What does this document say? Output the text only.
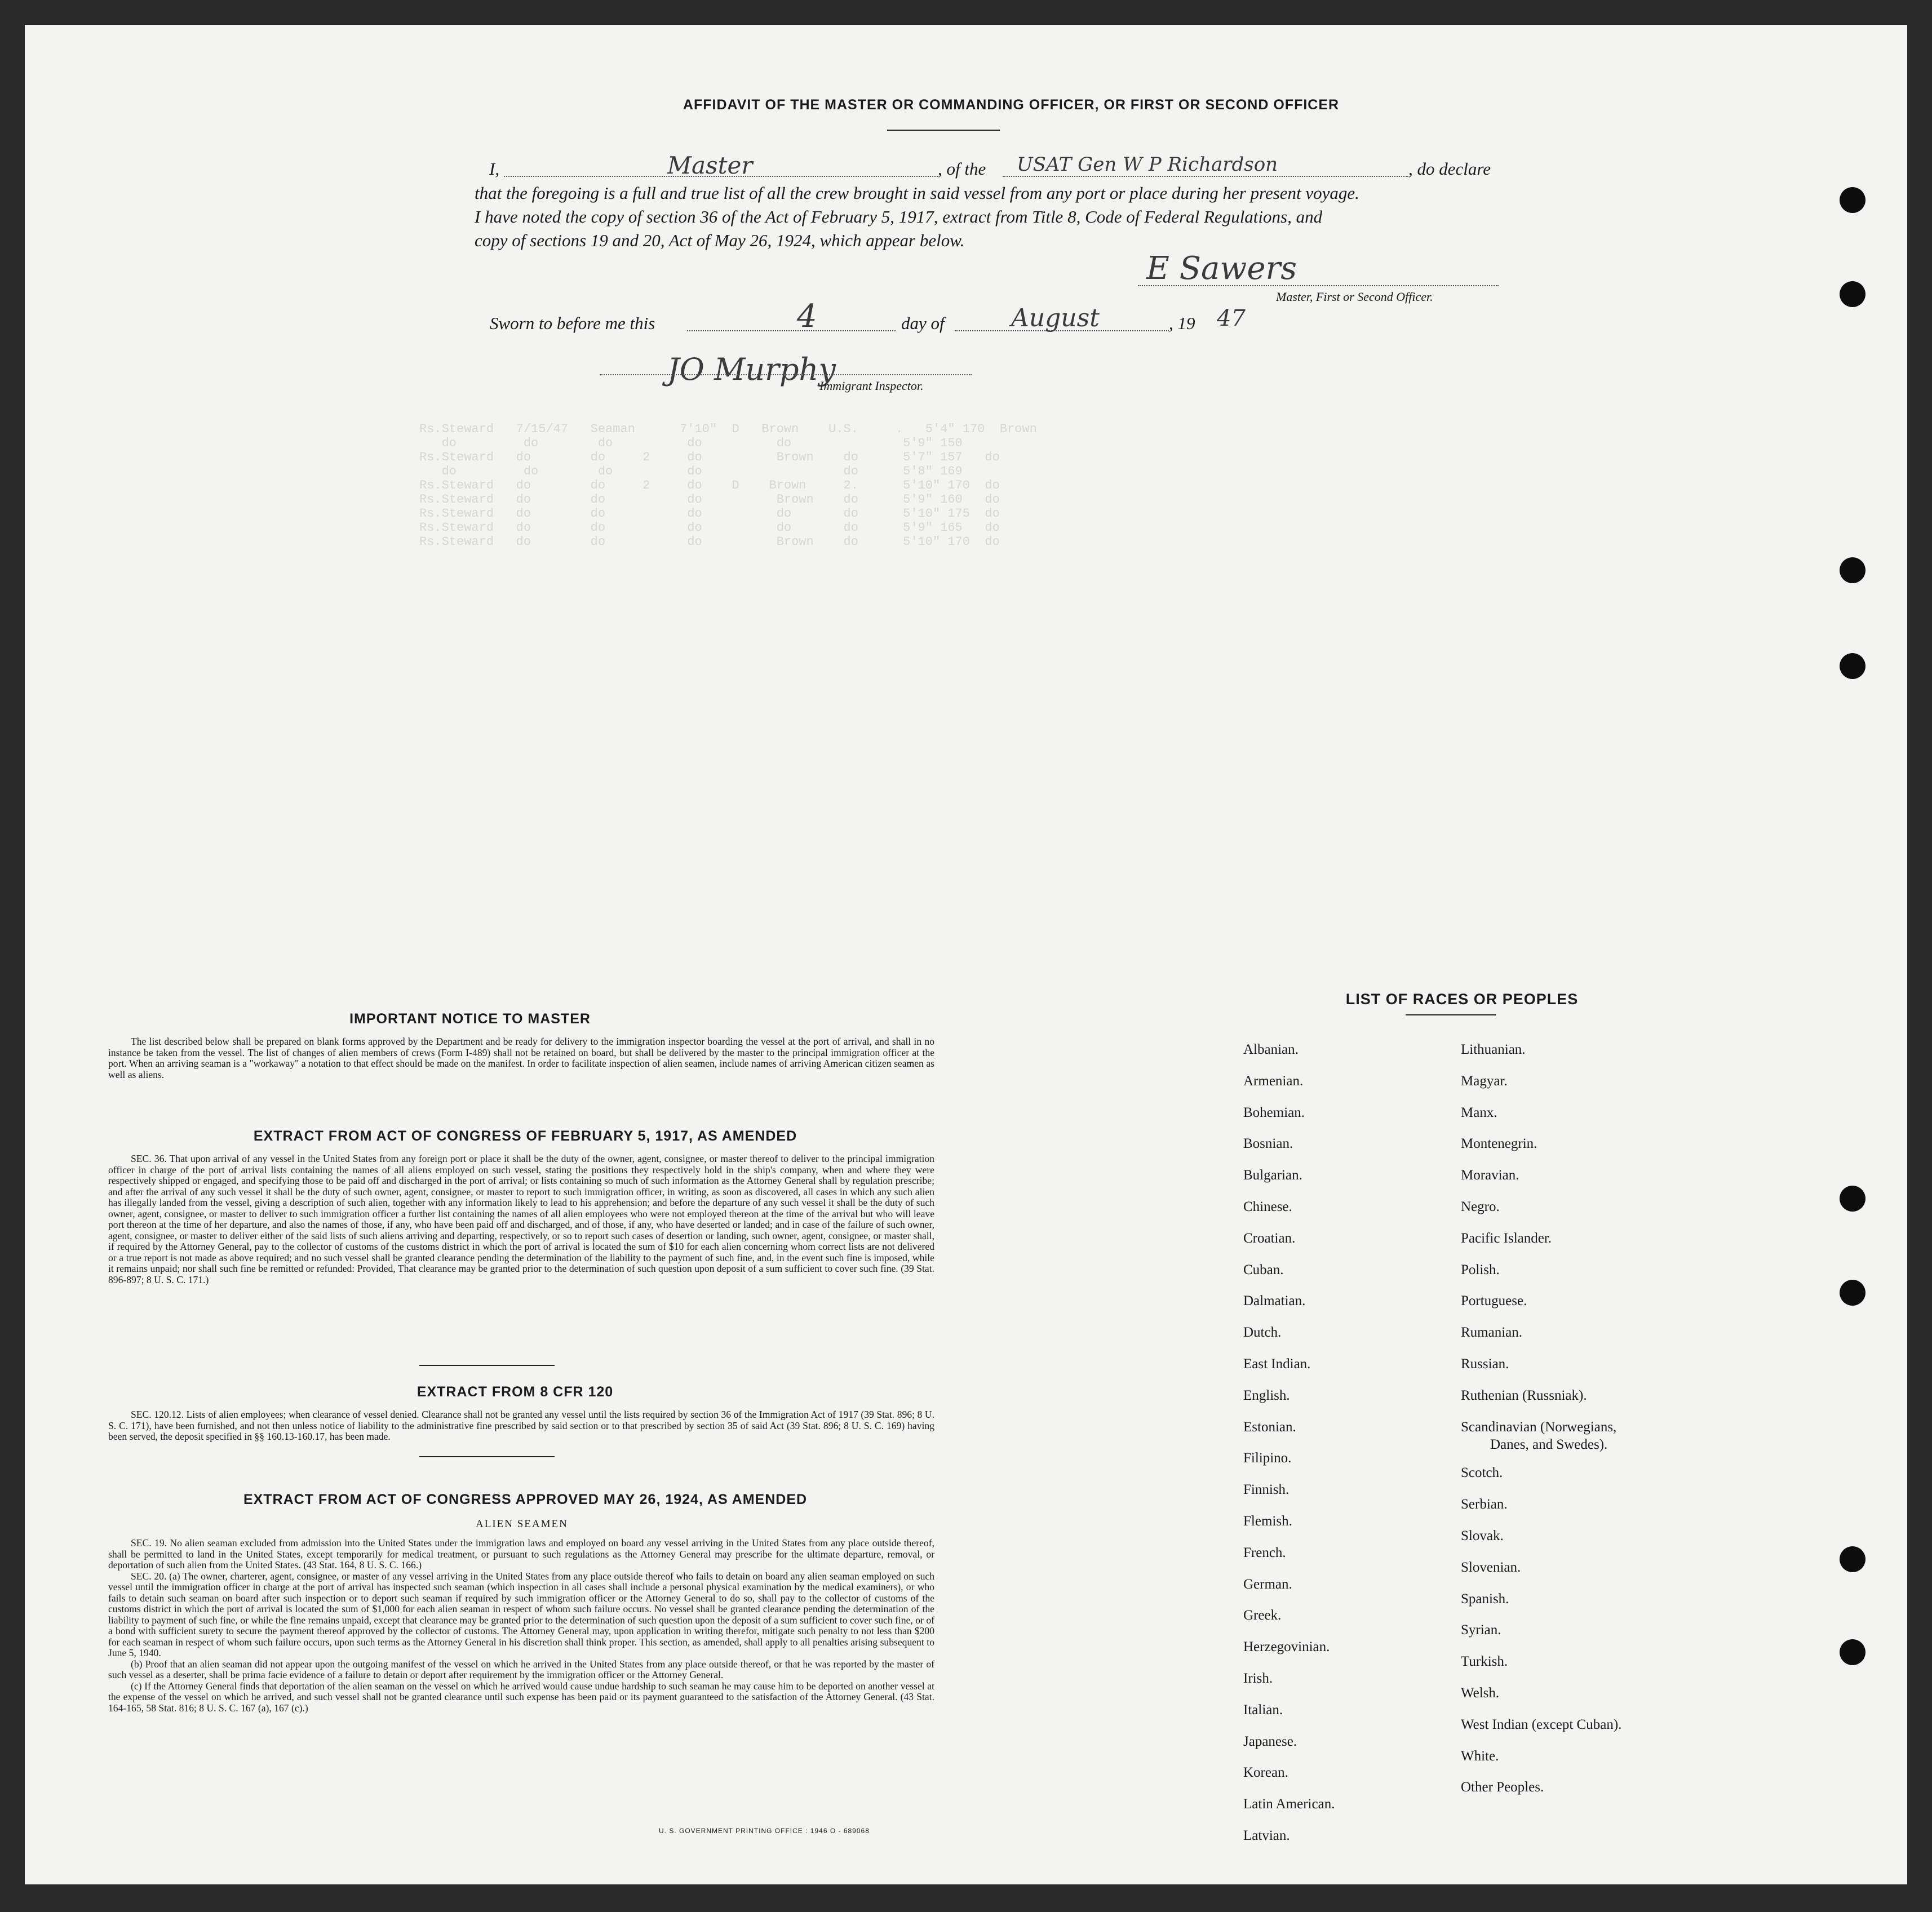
Rs.Steward   7/15/47   Seaman      7'10"  D   Brown    U.S.     .   5'4" 170  Brown
do         do        do          do          do               5'9" 150
Rs.Steward   do        do     2     do          Brown    do      5'7" 157   do
do         do        do          do                   do      5'8" 169
Rs.Steward   do        do     2     do    D    Brown     2.      5'10" 170  do
Rs.Steward   do        do           do          Brown    do      5'9" 160   do
Rs.Steward   do        do           do          do       do      5'10" 175  do
Rs.Steward   do        do           do          do       do      5'9" 165   do
Rs.Steward   do        do           do          Brown    do      5'10" 170  do
AFFIDAVIT OF THE MASTER OR COMMANDING OFFICER, OR FIRST OR SECOND OFFICER
I,	Master	, of the USAT Gen W P Richardson	, do declare
that the foregoing is a full and true list of all the crew brought in said vessel from any port or place during her present voyage.
I have noted the copy of section 36 of the Act of February 5, 1917, extract from Title 8, Code of Federal Regulations, and
copy of sections 19 and 20, Act of May 26, 1924, which appear below.
E Sawers
Master, First or Second Officer.
Sworn to before me this	4	day of	August	, 19 47
JO Murphy
Immigrant Inspector.
IMPORTANT NOTICE TO MASTER

The list described below shall be prepared on blank forms approved by the Department and be ready for delivery to the immigration inspector boarding the vessel at the port of arrival, and shall in no instance be taken from the vessel. The list of changes of alien members of crews (Form I-489) shall not be retained on board, but shall be delivered by the master to the principal immigration officer at the port. When an arriving seaman is a "workaway" a notation to that effect should be made on the manifest. In order to facilitate inspection of alien seamen, include names of arriving American citizen seamen as well as aliens.

EXTRACT FROM ACT OF CONGRESS OF FEBRUARY 5, 1917, AS AMENDED

SEC. 36. That upon arrival of any vessel in the United States from any foreign port or place it shall be the duty of the owner, agent, consignee, or master thereof to deliver to the principal immigration officer in charge of the port of arrival lists containing the names of all aliens employed on such vessel, stating the positions they respectively hold in the ship's company, when and where they were respectively shipped or engaged, and specifying those to be paid off and discharged in the port of arrival; or lists containing so much of such information as the Attorney General shall by regulation prescribe; and after the arrival of any such vessel it shall be the duty of such owner, agent, consignee, or master to report to such immigration officer, in writing, as soon as discovered, all cases in which any such alien has illegally landed from the vessel, giving a description of such alien, together with any information likely to lead to his apprehension; and before the departure of any such vessel it shall be the duty of such owner, agent, consignee, or master to deliver to such immigration officer a further list containing the names of all alien employees who were not employed thereon at the time of the arrival but who will leave port thereon at the time of her departure, and also the names of those, if any, who have been paid off and discharged, and of those, if any, who have deserted or landed; and in case of the failure of such owner, agent, consignee, or master to deliver either of the said lists of such aliens arriving and departing, respectively, or so to report such cases of desertion or landing, such owner, agent, consignee, or master shall, if required by the Attorney General, pay to the collector of customs of the customs district in which the port of arrival is located the sum of $10 for each alien concerning whom correct lists are not delivered or a true report is not made as above required; and no such vessel shall be granted clearance pending the determination of the liability to the payment of such fine, and, in the event such fine is imposed, while it remains unpaid; nor shall such fine be remitted or refunded: Provided, That clearance may be granted prior to the determination of such question upon deposit of a sum sufficient to cover such fine. (39 Stat. 896-897; 8 U. S. C. 171.)

EXTRACT FROM 8 CFR 120

SEC. 120.12. Lists of alien employees; when clearance of vessel denied. Clearance shall not be granted any vessel until the lists required by section 36 of the Immigration Act of 1917 (39 Stat. 896; 8 U. S. C. 171), have been furnished, and not then unless notice of liability to the administrative fine prescribed by said section or to that prescribed by section 35 of said Act (39 Stat. 896; 8 U. S. C. 169) having been served, the deposit specified in §§ 160.13-160.17, has been made.

EXTRACT FROM ACT OF CONGRESS APPROVED MAY 26, 1924, AS AMENDED
ALIEN SEAMEN

SEC. 19. No alien seaman excluded from admission into the United States under the immigration laws and employed on board any vessel arriving in the United States from any place outside thereof, shall be permitted to land in the United States, except temporarily for medical treatment, or pursuant to such regulations as the Attorney General may prescribe for the ultimate departure, removal, or deportation of such alien from the United States. (43 Stat. 164, 8 U. S. C. 166.)

SEC. 20. (a) The owner, charterer, agent, consignee, or master of any vessel arriving in the United States from any place outside thereof who fails to detain on board any alien seaman employed on such vessel until the immigration officer in charge at the port of arrival has inspected such seaman (which inspection in all cases shall include a personal physical examination by the medical examiners), or who fails to detain such seaman on board after such inspection or to deport such seaman if required by such immigration officer or the Attorney General to do so, shall pay to the collector of customs of the customs district in which the port of arrival is located the sum of $1,000 for each alien seaman in respect of whom such failure occurs. No vessel shall be granted clearance pending the determination of the liability to payment of such fine, or while the fine remains unpaid, except that clearance may be granted prior to the determination of such question upon the deposit of a sum sufficient to cover such fine, or of a bond with sufficient surety to secure the payment thereof approved by the collector of customs. The Attorney General may, upon application in writing therefor, mitigate such penalty to not less than $200 for each seaman in respect of whom such failure occurs, upon such terms as the Attorney General in his discretion shall think proper. This section, as amended, shall apply to all penalties arising subsequent to June 5, 1940.

(b) Proof that an alien seaman did not appear upon the outgoing manifest of the vessel on which he arrived in the United States from any place outside thereof, or that he was reported by the master of such vessel as a deserter, shall be prima facie evidence of a failure to detain or deport after requirement by the immigration officer or the Attorney General.

(c) If the Attorney General finds that deportation of the alien seaman on the vessel on which he arrived would cause undue hardship to such seaman he may cause him to be deported on another vessel at the expense of the vessel on which he arrived, and such vessel shall not be granted clearance until such expense has been paid or its payment guaranteed to the satisfaction of the Attorney General. (43 Stat. 164-165, 58 Stat. 816; 8 U. S. C. 167 (a), 167 (c).)

U. S. GOVERNMENT PRINTING OFFICE : 1946 O - 689068
LIST OF RACES OR PEOPLES
Albanian.
Armenian.
Bohemian.
Bosnian.
Bulgarian.
Chinese.
Croatian.
Cuban.
Dalmatian.
Dutch.
East Indian.
English.
Estonian.
Filipino.
Finnish.
Flemish.
French.
German.
Greek.
Herzegovinian.
Irish.
Italian.
Japanese.
Korean.
Latin American.
Latvian.
Lithuanian.
Magyar.
Manx.
Montenegrin.
Moravian.
Negro.
Pacific Islander.
Polish.
Portuguese.
Rumanian.
Russian.
Ruthenian (Russniak).
Scandinavian (Norwegians,
Danes, and Swedes).
Scotch.
Serbian.
Slovak.
Slovenian.
Spanish.
Syrian.
Turkish.
Welsh.
West Indian (except Cuban).
White.
Other Peoples.
